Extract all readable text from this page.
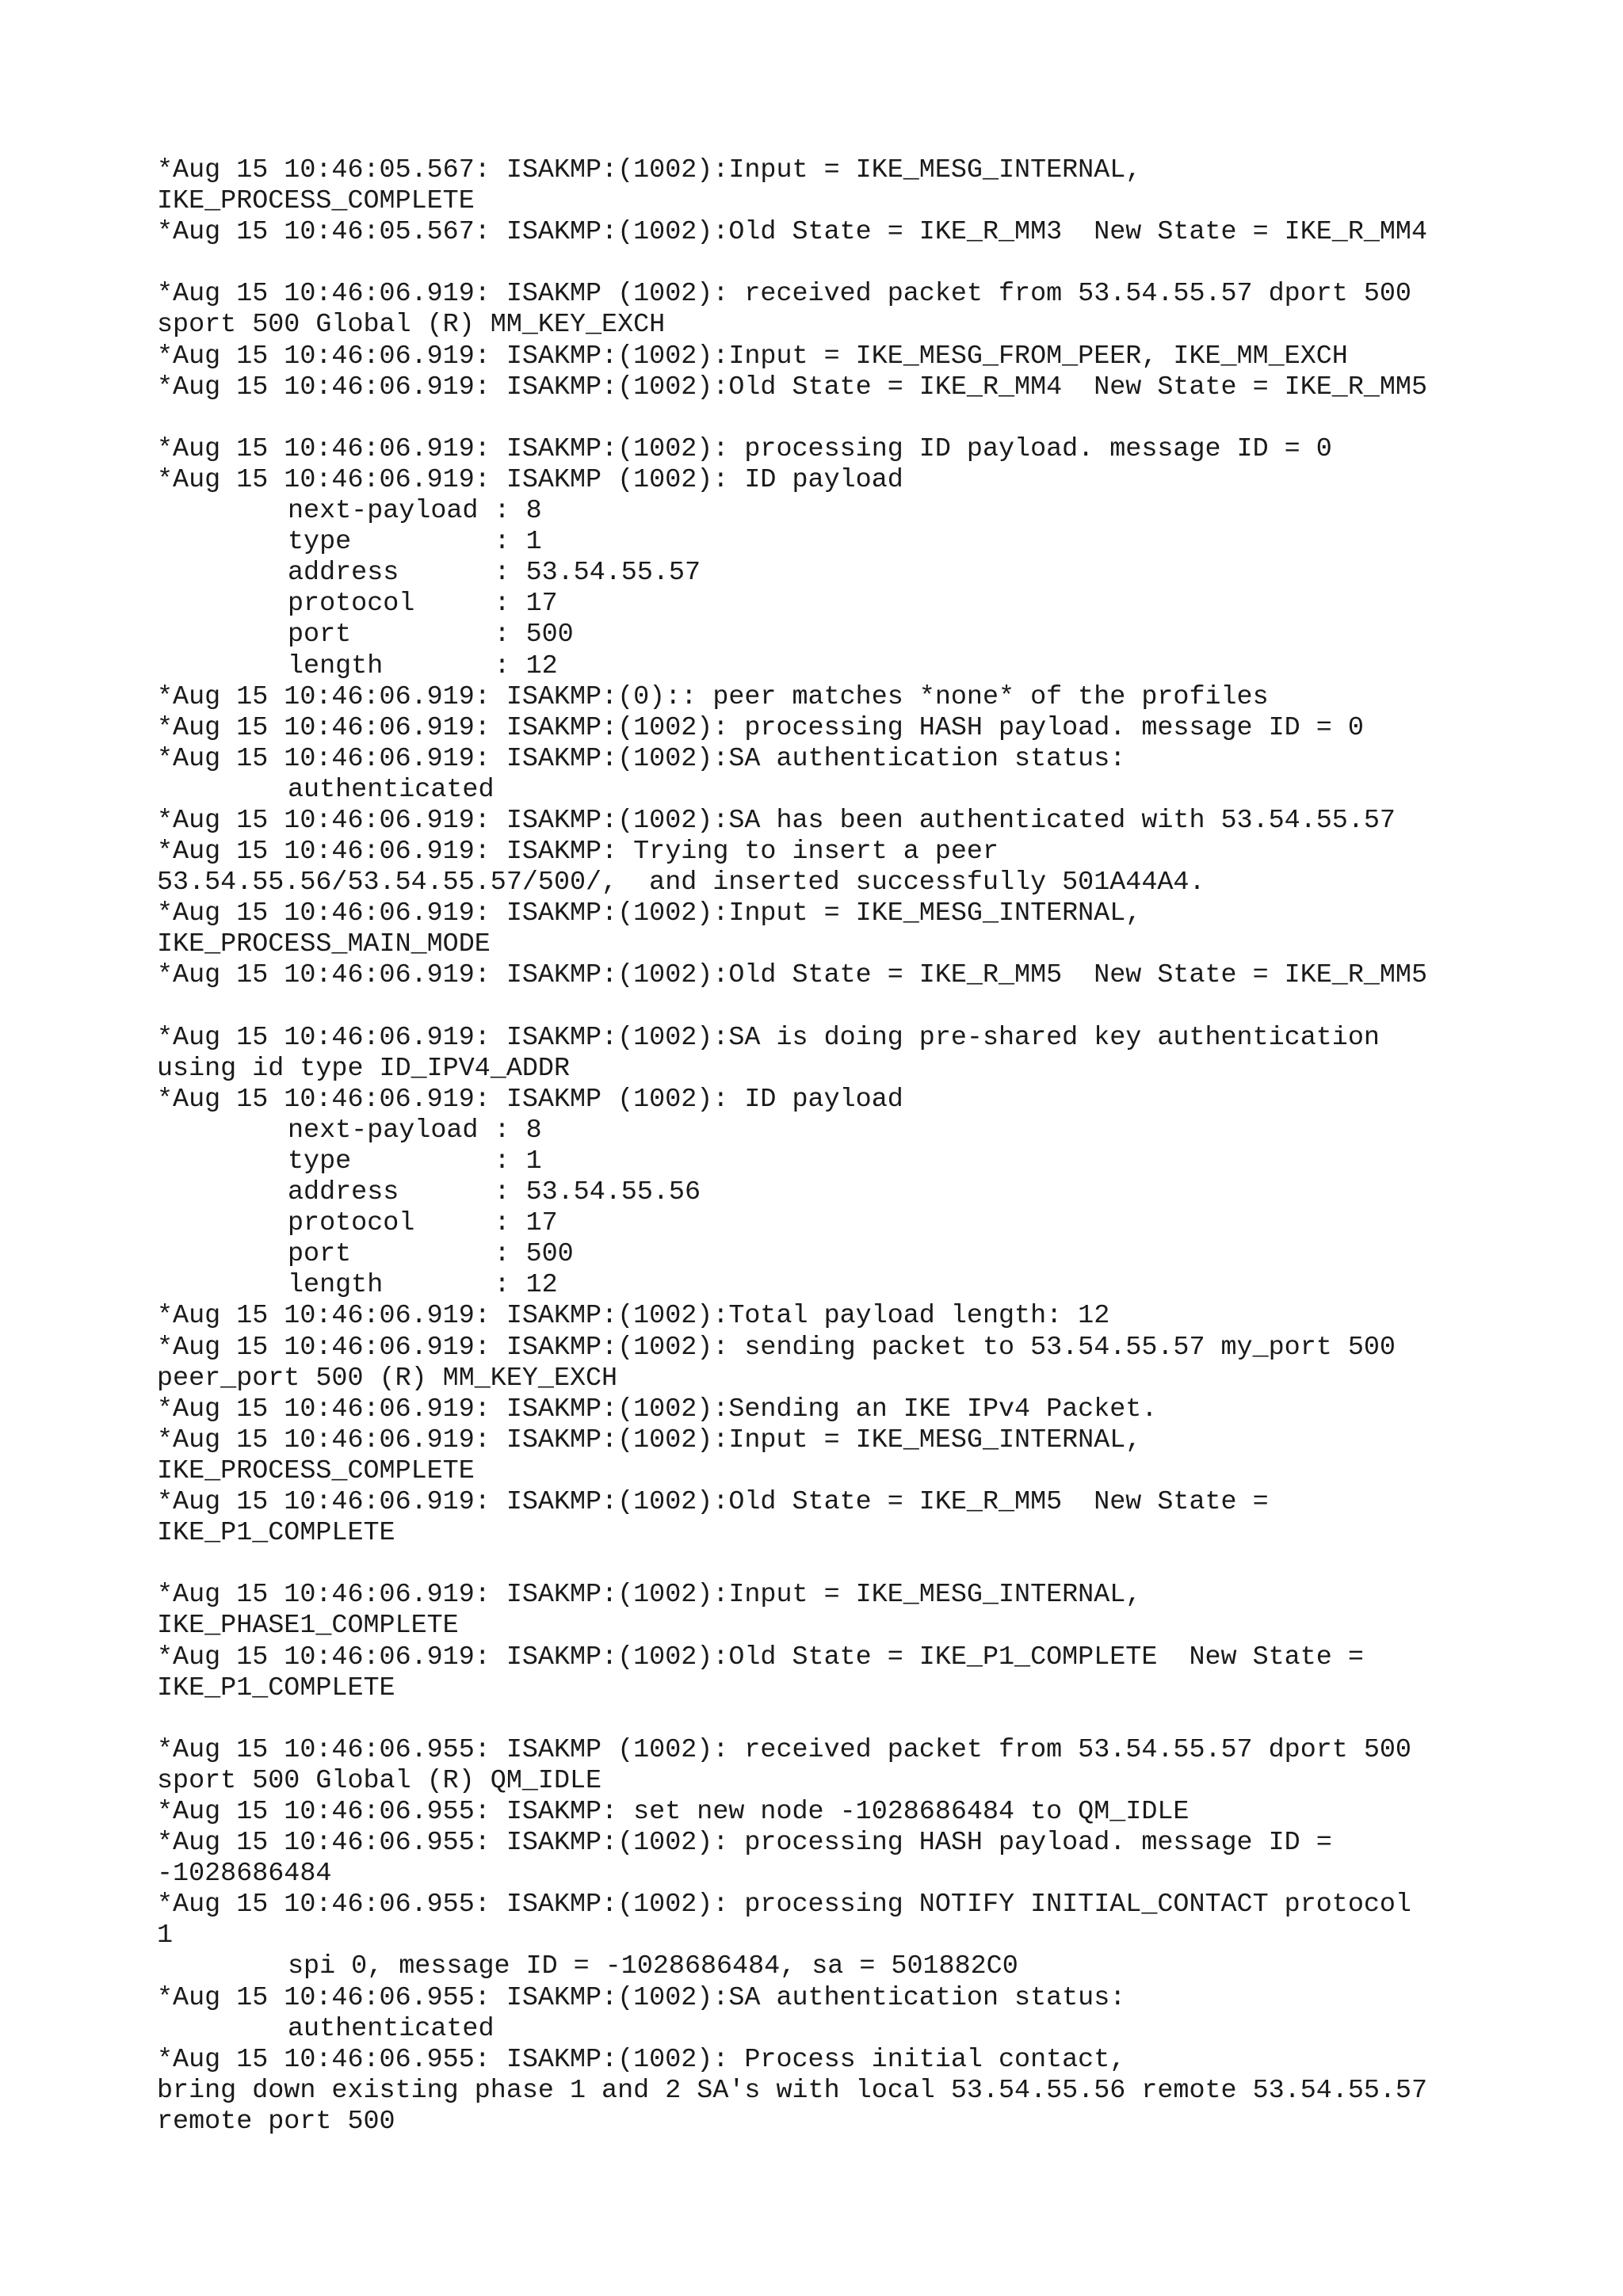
*Aug 15 10:46:05.567: ISAKMP:(1002):Input = IKE_MESG_INTERNAL,
IKE_PROCESS_COMPLETE
*Aug 15 10:46:05.567: ISAKMP:(1002):Old State = IKE_R_MM3  New State = IKE_R_MM4
*Aug 15 10:46:06.919: ISAKMP (1002): received packet from 53.54.55.57 dport 500
sport 500 Global (R) MM_KEY_EXCH
*Aug 15 10:46:06.919: ISAKMP:(1002):Input = IKE_MESG_FROM_PEER, IKE_MM_EXCH
*Aug 15 10:46:06.919: ISAKMP:(1002):Old State = IKE_R_MM4  New State = IKE_R_MM5
*Aug 15 10:46:06.919: ISAKMP:(1002): processing ID payload. message ID = 0
*Aug 15 10:46:06.919: ISAKMP (1002): ID payload
next-payload : 8
type         : 1
address      : 53.54.55.57
protocol     : 17
port         : 500
length       : 12
*Aug 15 10:46:06.919: ISAKMP:(0):: peer matches *none* of the profiles
*Aug 15 10:46:06.919: ISAKMP:(1002): processing HASH payload. message ID = 0
*Aug 15 10:46:06.919: ISAKMP:(1002):SA authentication status:
authenticated
*Aug 15 10:46:06.919: ISAKMP:(1002):SA has been authenticated with 53.54.55.57
*Aug 15 10:46:06.919: ISAKMP: Trying to insert a peer
53.54.55.56/53.54.55.57/500/,  and inserted successfully 501A44A4.
*Aug 15 10:46:06.919: ISAKMP:(1002):Input = IKE_MESG_INTERNAL,
IKE_PROCESS_MAIN_MODE
*Aug 15 10:46:06.919: ISAKMP:(1002):Old State = IKE_R_MM5  New State = IKE_R_MM5
*Aug 15 10:46:06.919: ISAKMP:(1002):SA is doing pre-shared key authentication
using id type ID_IPV4_ADDR
*Aug 15 10:46:06.919: ISAKMP (1002): ID payload
next-payload : 8
type         : 1
address      : 53.54.55.56
protocol     : 17
port         : 500
length       : 12
*Aug 15 10:46:06.919: ISAKMP:(1002):Total payload length: 12
*Aug 15 10:46:06.919: ISAKMP:(1002): sending packet to 53.54.55.57 my_port 500
peer_port 500 (R) MM_KEY_EXCH
*Aug 15 10:46:06.919: ISAKMP:(1002):Sending an IKE IPv4 Packet.
*Aug 15 10:46:06.919: ISAKMP:(1002):Input = IKE_MESG_INTERNAL,
IKE_PROCESS_COMPLETE
*Aug 15 10:46:06.919: ISAKMP:(1002):Old State = IKE_R_MM5  New State =
IKE_P1_COMPLETE
*Aug 15 10:46:06.919: ISAKMP:(1002):Input = IKE_MESG_INTERNAL,
IKE_PHASE1_COMPLETE
*Aug 15 10:46:06.919: ISAKMP:(1002):Old State = IKE_P1_COMPLETE  New State =
IKE_P1_COMPLETE
*Aug 15 10:46:06.955: ISAKMP (1002): received packet from 53.54.55.57 dport 500
sport 500 Global (R) QM_IDLE
*Aug 15 10:46:06.955: ISAKMP: set new node -1028686484 to QM_IDLE
*Aug 15 10:46:06.955: ISAKMP:(1002): processing HASH payload. message ID =
-1028686484
*Aug 15 10:46:06.955: ISAKMP:(1002): processing NOTIFY INITIAL_CONTACT protocol
1
spi 0, message ID = -1028686484, sa = 501882C0
*Aug 15 10:46:06.955: ISAKMP:(1002):SA authentication status:
authenticated
*Aug 15 10:46:06.955: ISAKMP:(1002): Process initial contact,
bring down existing phase 1 and 2 SA's with local 53.54.55.56 remote 53.54.55.57
remote port 500
